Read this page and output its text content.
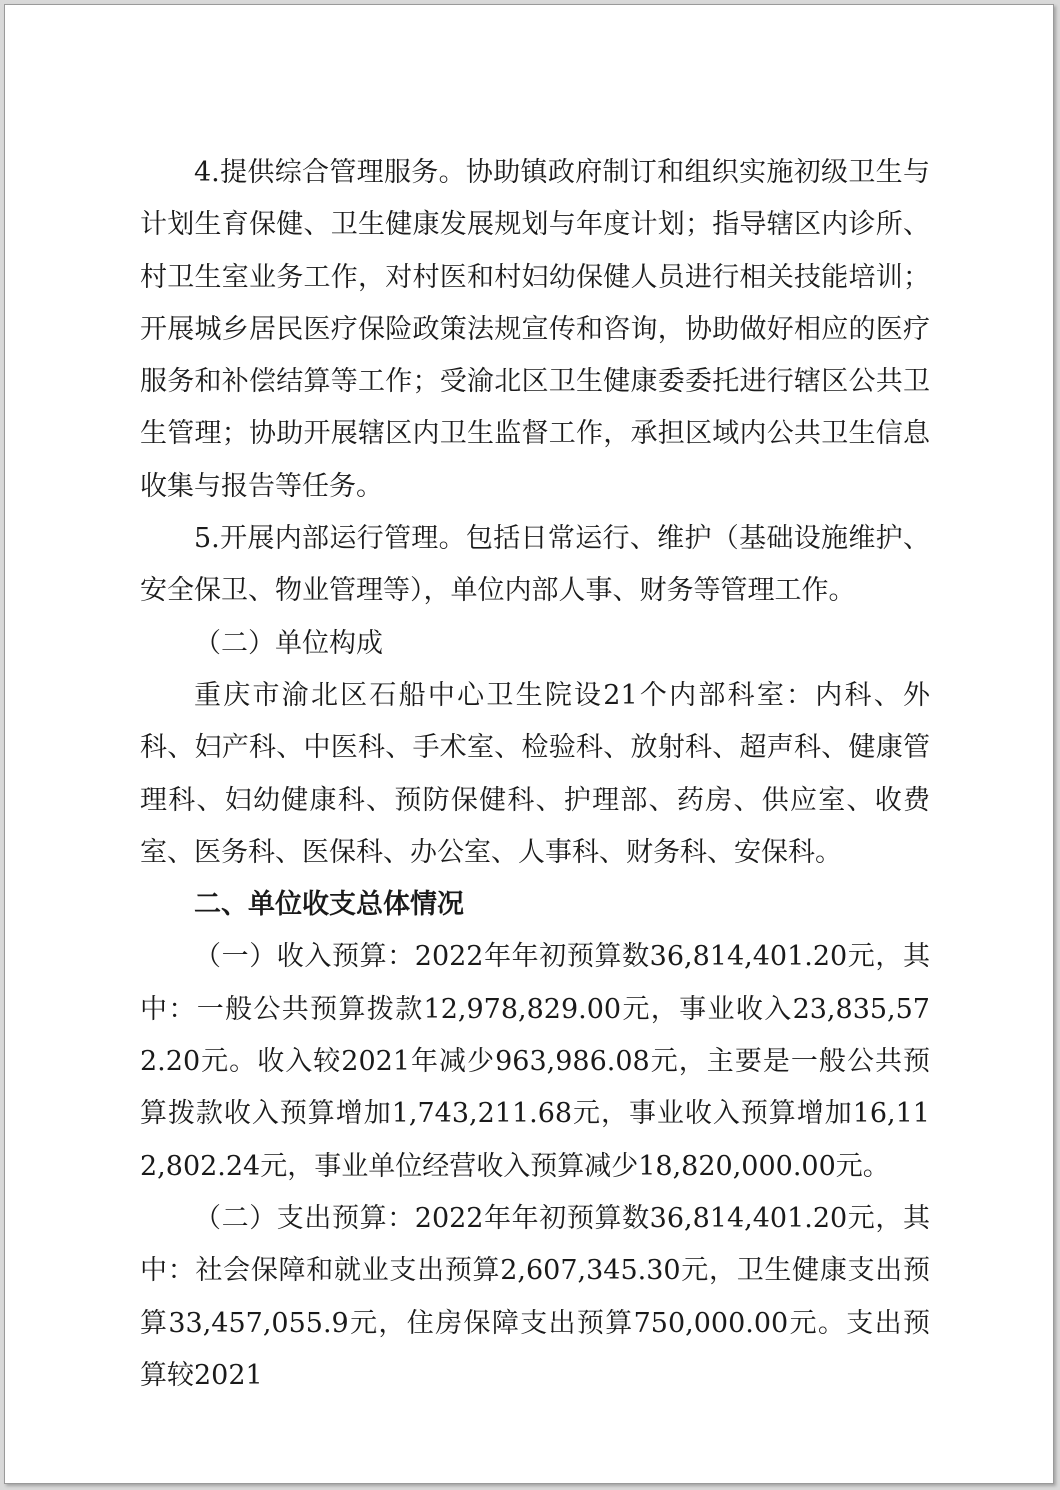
4.提供综合管理服务。协助镇政府制订和组织实施初级卫生与计划生育保健、卫生健康发展规划与年度计划；指导辖区内诊所、村卫生室业务工作，对村医和村妇幼保健人员进行相关技能培训；开展城乡居民医疗保险政策法规宣传和咨询，协助做好相应的医疗服务和补偿结算等工作；受渝北区卫生健康委委托进行辖区公共卫生管理；协助开展辖区内卫生监督工作，承担区域内公共卫生信息收集与报告等任务。

5.开展内部运行管理。包括日常运行、维护（基础设施维护、安全保卫、物业管理等），单位内部人事、财务等管理工作。

（二）单位构成

重庆市渝北区石船中心卫生院设21个内部科室：内科、外科、妇产科、中医科、手术室、检验科、放射科、超声科、健康管理科、妇幼健康科、预防保健科、护理部、药房、供应室、收费室、医务科、医保科、办公室、人事科、财务科、安保科。

二、单位收支总体情况

（一）收入预算：2022年年初预算数36,814,401.20元，其中：一般公共预算拨款12,978,829.00元，事业收入23,835,572.20元。收入较2021年减少963,986.08元，主要是一般公共预算拨款收入预算增加1,743,211.68元，事业收入预算增加16,112,802.24元，事业单位经营收入预算减少18,820,000.00元。

（二）支出预算：2022年年初预算数36,814,401.20元，其中：社会保障和就业支出预算2,607,345.30元，卫生健康支出预算33,457,055.9元，住房保障支出预算750,000.00元。支出预算较2021
